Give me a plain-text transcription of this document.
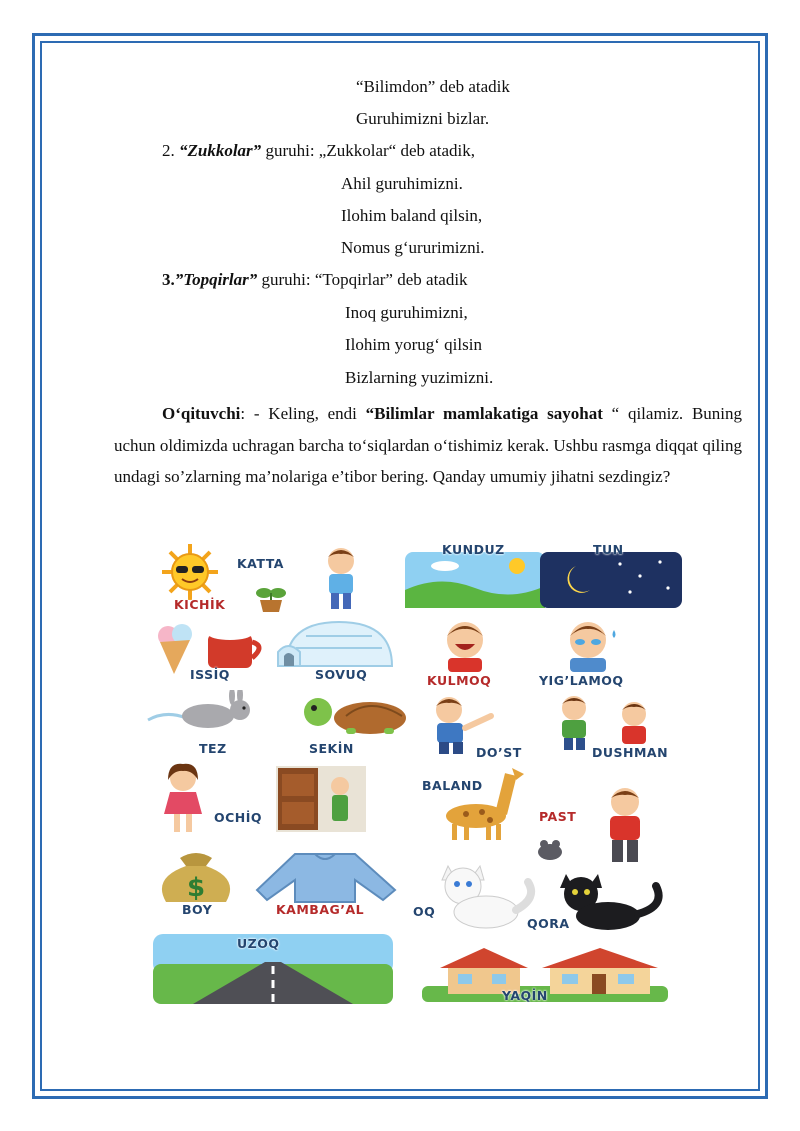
“Bilimdon” deb atadik
Guruhimizni bizlar.
2. “Zukkolar” guruhi: „Zukkolar“ deb atadik,
Ahil guruhimizni.
Ilohim baland qilsin,
Nomus g‘ururimizni.
3.”Topqirlar” guruhi: “Topqirlar” deb atadik
Inoq guruhimizni,
Ilohim yorug‘ qilsin
Bizlarning yuzimizni.
O‘qituvchi: - Keling, endi “Bilimlar mamlakatiga sayohat “ qilamiz. Buning uchun oldimizda uchragan barcha to‘siqlardan o‘tishimiz kerak. Ushbu rasmga diqqat qiling undagi so’zlarning ma’nolariga e’tibor bering. Qanday umumiy jihatni sezdingiz?
KATTA
KICHİK
KUNDUZ	TUN
ISSİQ	SOVUQ	KULMOQ	YIG’LAMOQ
TEZ	SEKİN	DO’ST	DUSHMAN
OCHİQ
BALAND
PAST
$
BOY	KAMBAG’AL	OQ
QORA
UZOQ
YAQİN
